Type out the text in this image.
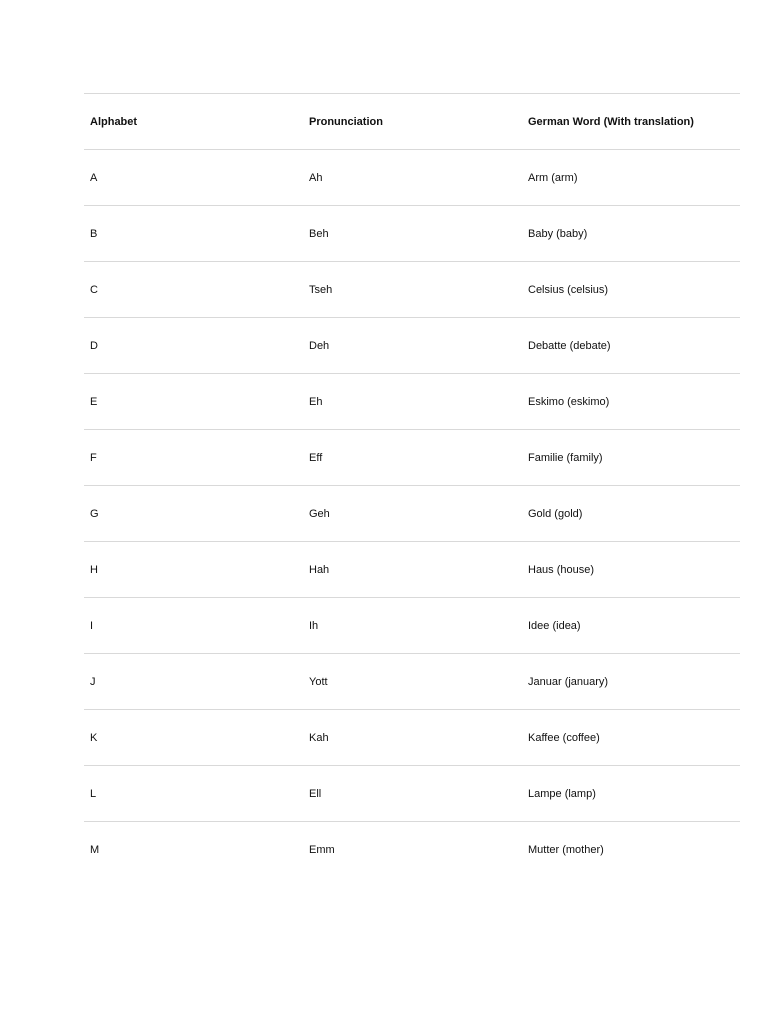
Alphabet	Pronunciation	German Word (With translation)
A	Ah	Arm (arm)
B	Beh	Baby (baby)
C	Tseh	Celsius (celsius)
D	Deh	Debatte (debate)
E	Eh	Eskimo (eskimo)
F	Eff	Familie (family)
G	Geh	Gold (gold)
H	Hah	Haus (house)
I	Ih	Idee (idea)
J	Yott	Januar (january)
K	Kah	Kaffee (coffee)
L	Ell	Lampe (lamp)
M	Emm	Mutter (mother)
